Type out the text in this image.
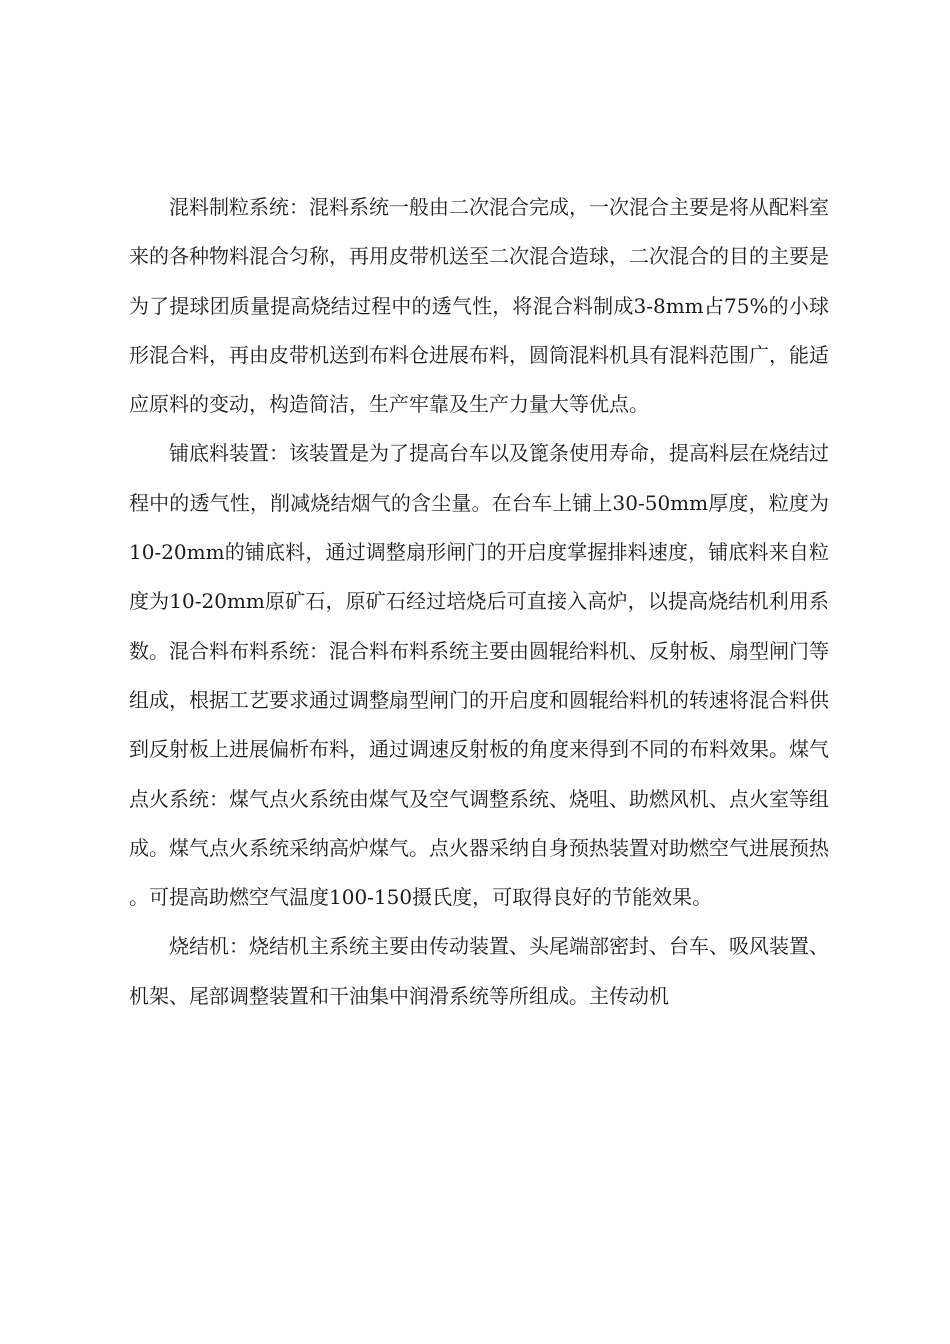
混料制粒系统：混料系统一般由二次混合完成，一次混合主要是将从配料室来的各种物料混合匀称，再用皮带机送至二次混合造球，二次混合的目的主要是为了提球团质量提高烧结过程中的透气性，将混合料制成3-8mm占75%的小球形混合料，再由皮带机送到布料仓进展布料，圆筒混料机具有混料范围广，能适应原料的变动，构造简洁，生产牢靠及生产力量大等优点。

铺底料装置：该装置是为了提高台车以及篦条使用寿命，提高料层在烧结过程中的透气性，削减烧结烟气的含尘量。在台车上铺上30-50mm厚度，粒度为10-20mm的铺底料，通过调整扇形闸门的开启度掌握排料速度，铺底料来自粒度为10-20mm原矿石，原矿石经过培烧后可直接入高炉，以提高烧结机利用系数。混合料布料系统：混合料布料系统主要由圆辊给料机、反射板、扇型闸门等组成，根据工艺要求通过调整扇型闸门的开启度和圆辊给料机的转速将混合料供到反射板上进展偏析布料，通过调速反射板的角度来得到不同的布料效果。煤气点火系统：煤气点火系统由煤气及空气调整系统、烧咀、助燃风机、点火室等组成。煤气点火系统采纳高炉煤气。点火器采纳自身预热装置对助燃空气进展预热。可提高助燃空气温度100-150摄氏度，可取得良好的节能效果。

烧结机：烧结机主系统主要由传动装置、头尾端部密封、台车、吸风装置、机架、尾部调整装置和干油集中润滑系统等所组成。主传动机
